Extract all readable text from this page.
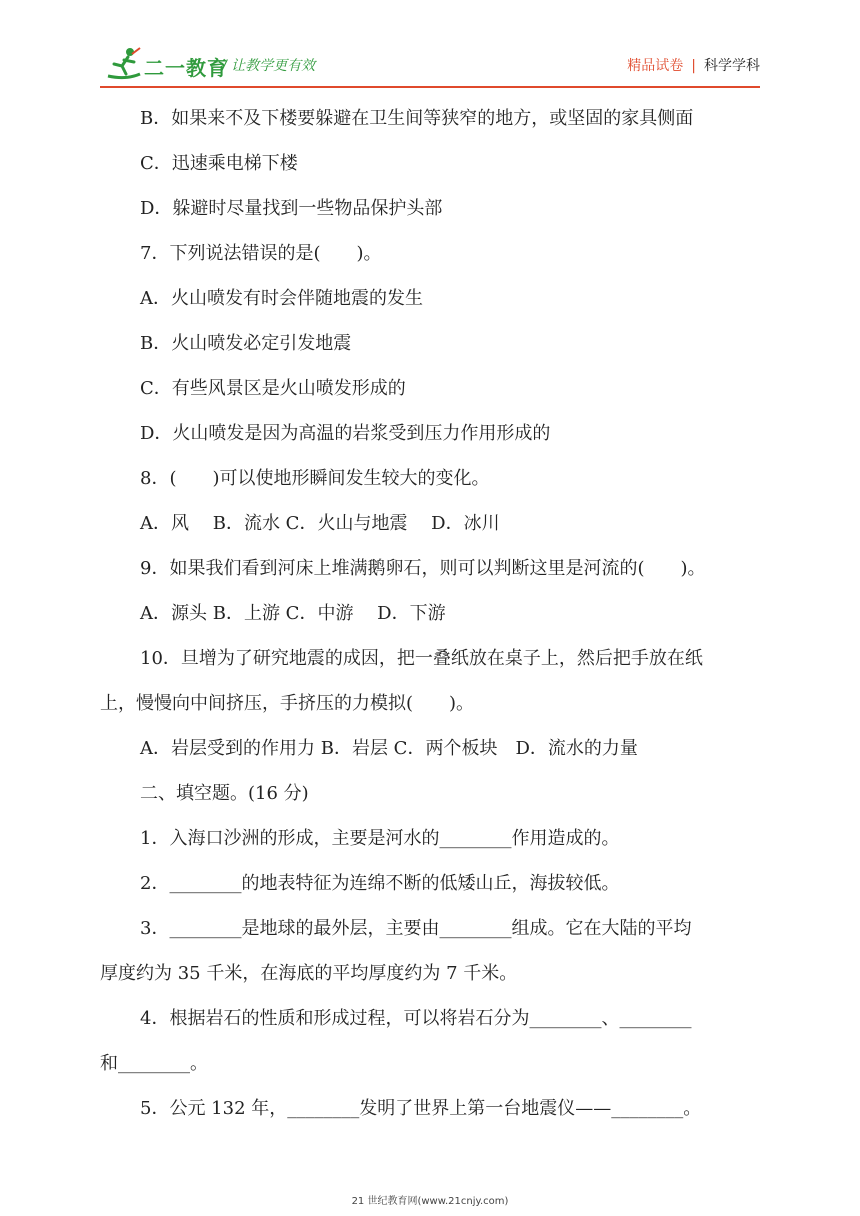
二一教育
/ 让教学更有效	精品试卷 | 科学学科
B．如果来不及下楼要躲避在卫生间等狭窄的地方，或坚固的家具侧面
C．迅速乘电梯下楼
D．躲避时尽量找到一些物品保护头部
7．下列说法错误的是(　　)。
A．火山喷发有时会伴随地震的发生
B．火山喷发必定引发地震
C．有些风景区是火山喷发形成的
D．火山喷发是因为高温的岩浆受到压力作用形成的
8．(　　)可以使地形瞬间发生较大的变化。
A．风　 B．流水 C．火山与地震　 D．冰川
9．如果我们看到河床上堆满鹅卵石，则可以判断这里是河流的(　　)。
A．源头 B．上游 C．中游　 D．下游
10．旦增为了研究地震的成因，把一叠纸放在桌子上，然后把手放在纸
上，慢慢向中间挤压，手挤压的力模拟(　　)。
A．岩层受到的作用力 B．岩层 C．两个板块　D．流水的力量
二、填空题。(16 分)
1．入海口沙洲的形成，主要是河水的________作用造成的。
2．________的地表特征为连绵不断的低矮山丘，海拔较低。
3．________是地球的最外层，主要由________组成。它在大陆的平均
厚度约为 35 千米，在海底的平均厚度约为 7 千米。
4．根据岩石的性质和形成过程，可以将岩石分为________、________
和________。
5．公元 132 年，________发明了世界上第一台地震仪——________。
21 世纪教育网(www.21cnjy.com)
